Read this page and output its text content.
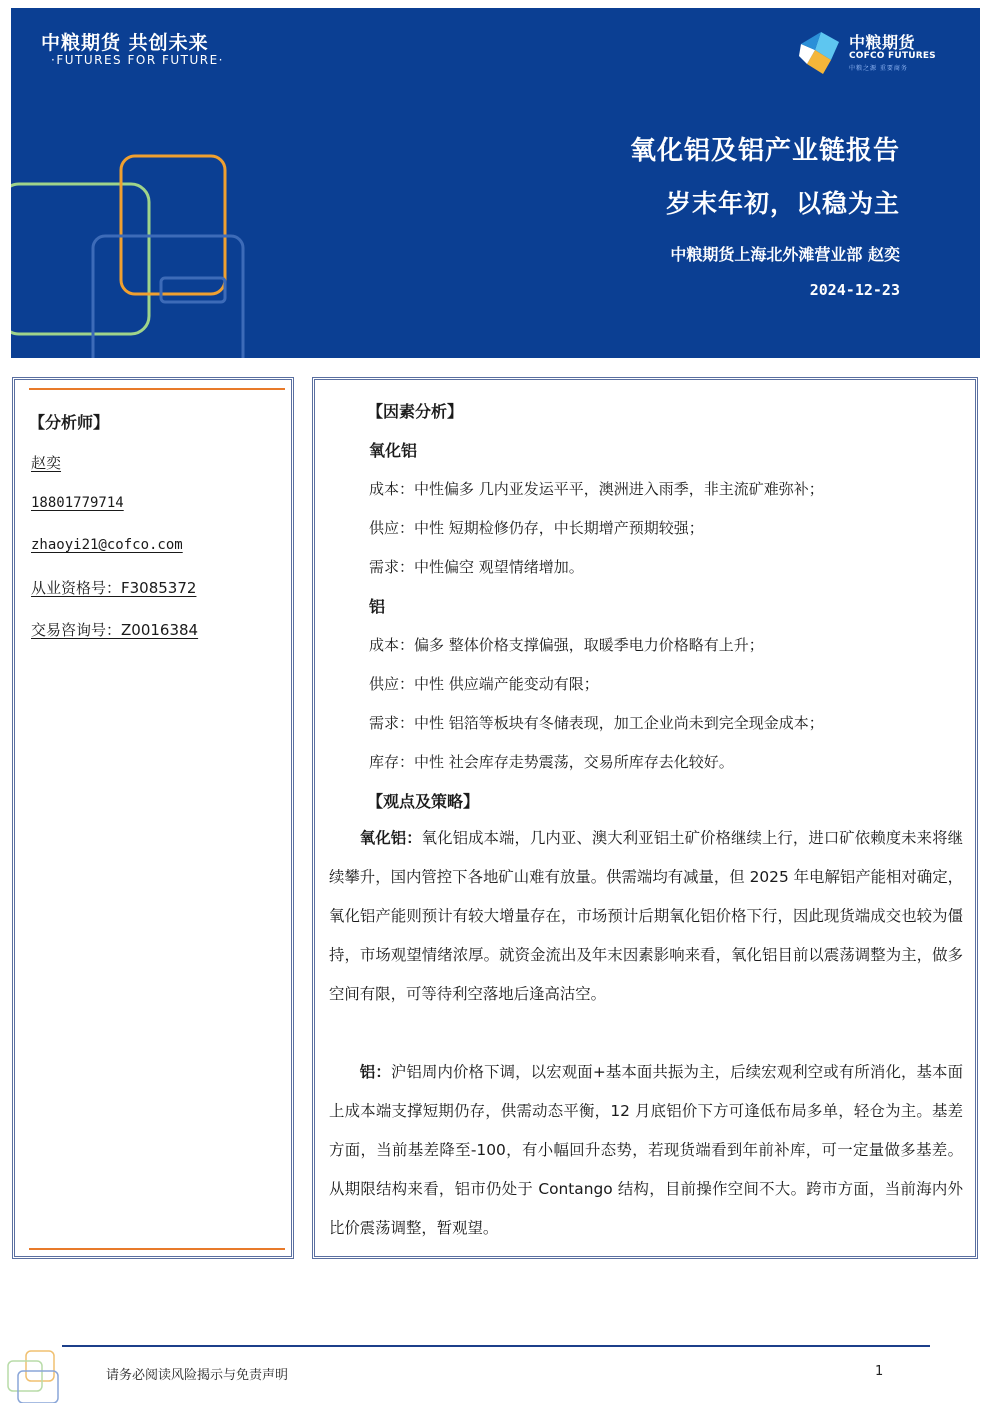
中粮期货 共创未来
·FUTURES FOR FUTURE·
中粮期货
COFCO FUTURES
中粮之源 重要商务
氧化铝及铝产业链报告
岁末年初，以稳为主
中粮期货上海北外滩营业部 赵奕
2024-12-23
【分析师】
赵奕
18801779714
zhaoyi21@cofco.com
从业资格号：F3085372
交易咨询号：Z0016384
【因素分析】
氧化铝
成本：中性偏多 几内亚发运平平，澳洲进入雨季，非主流矿难弥补；
供应：中性 短期检修仍存，中长期增产预期较强；
需求：中性偏空 观望情绪增加。
铝
成本：偏多 整体价格支撑偏强，取暖季电力价格略有上升；
供应：中性 供应端产能变动有限；
需求：中性 铝箔等板块有冬储表现，加工企业尚未到完全现金成本；
库存：中性 社会库存走势震荡，交易所库存去化较好。
【观点及策略】
氧化铝：氧化铝成本端，几内亚、澳大利亚铝土矿价格继续上行，进口矿依赖度未来将继续攀升，国内管控下各地矿山难有放量。供需端均有减量，但 2025 年电解铝产能相对确定，氧化铝产能则预计有较大增量存在，市场预计后期氧化铝价格下行，因此现货端成交也较为僵持，市场观望情绪浓厚。就资金流出及年末因素影响来看，氧化铝目前以震荡调整为主，做多空间有限，可等待利空落地后逢高沽空。
铝：沪铝周内价格下调，以宏观面+基本面共振为主，后续宏观利空或有所消化，基本面上成本端支撑短期仍存，供需动态平衡，12 月底铝价下方可逢低布局多单，轻仓为主。基差方面，当前基差降至-100，有小幅回升态势，若现货端看到年前补库，可一定量做多基差。从期限结构来看，铝市仍处于 Contango 结构，目前操作空间不大。跨市方面，当前海内外比价震荡调整，暂观望。
请务必阅读风险揭示与免责声明	1
